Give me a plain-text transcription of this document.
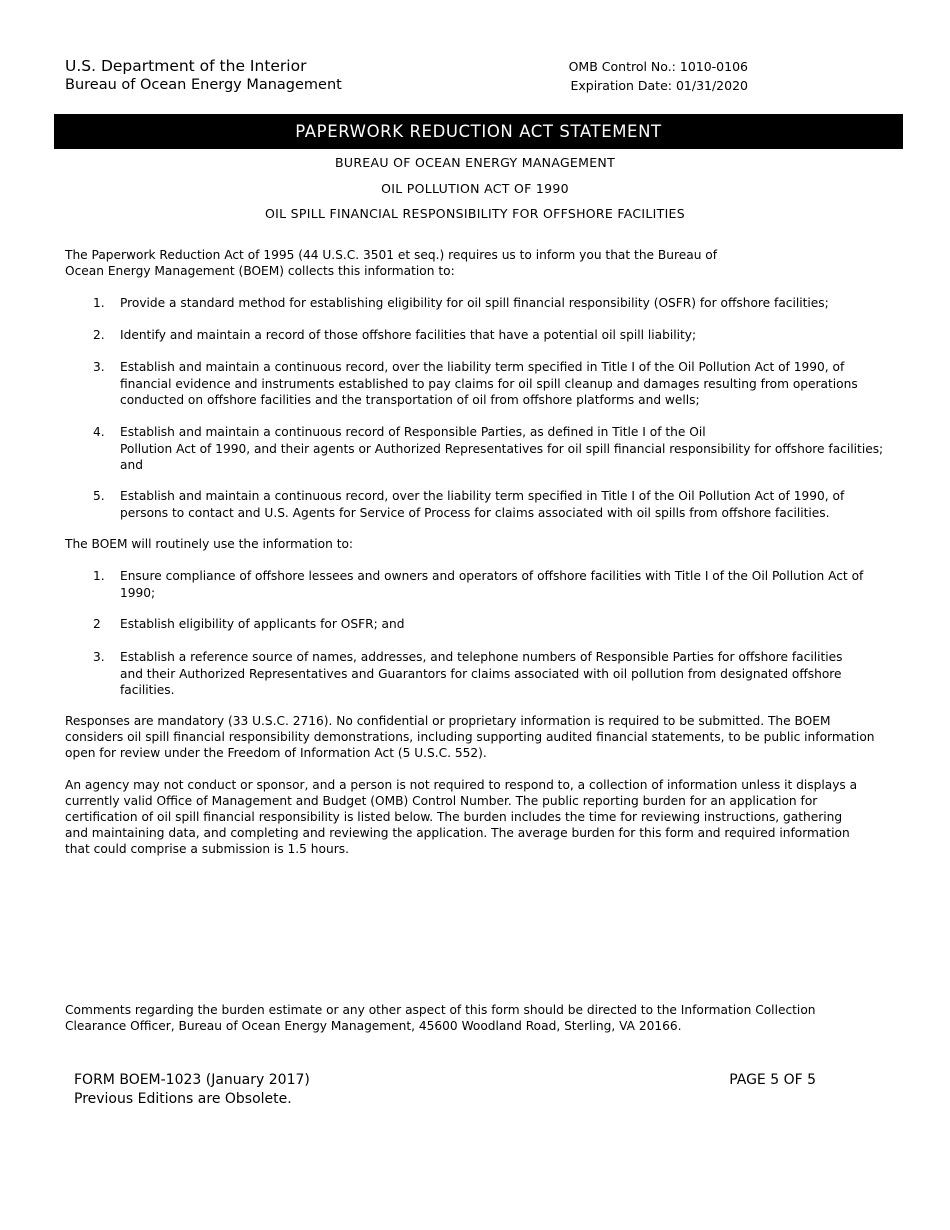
U.S. Department of the Interior
Bureau of Ocean Energy Management
OMB Control No.: 1010-0106
Expiration Date: 01/31/2020
PAPERWORK REDUCTION ACT STATEMENT
BUREAU OF OCEAN ENERGY MANAGEMENT
OIL POLLUTION ACT OF 1990
OIL SPILL FINANCIAL RESPONSIBILITY FOR OFFSHORE FACILITIES
The Paperwork Reduction Act of 1995 (44 U.S.C. 3501 et seq.) requires us to inform you that the Bureau of
Ocean Energy Management (BOEM) collects this information to:
1. Provide a standard method for establishing eligibility for oil spill financial responsibility (OSFR) for offshore facilities;
2. Identify and maintain a record of those offshore facilities that have a potential oil spill liability;
3. Establish and maintain a continuous record, over the liability term specified in Title I of the Oil Pollution Act of 1990, of
financial evidence and instruments established to pay claims for oil spill cleanup and damages resulting from operations
conducted on offshore facilities and the transportation of oil from offshore platforms and wells;
4. Establish and maintain a continuous record of Responsible Parties, as defined in Title I of the Oil
Pollution Act of 1990, and their agents or Authorized Representatives for oil spill financial responsibility for offshore facilities;
and
5. Establish and maintain a continuous record, over the liability term specified in Title I of the Oil Pollution Act of 1990, of
persons to contact and U.S. Agents for Service of Process for claims associated with oil spills from offshore facilities.
The BOEM will routinely use the information to:
1. Ensure compliance of offshore lessees and owners and operators of offshore facilities with Title I of the Oil Pollution Act of
1990;
2 Establish eligibility of applicants for OSFR; and
3. Establish a reference source of names, addresses, and telephone numbers of Responsible Parties for offshore facilities
and their Authorized Representatives and Guarantors for claims associated with oil pollution from designated offshore
facilities.
Responses are mandatory (33 U.S.C. 2716). No confidential or proprietary information is required to be submitted. The BOEM
considers oil spill financial responsibility demonstrations, including supporting audited financial statements, to be public information
open for review under the Freedom of Information Act (5 U.S.C. 552).
An agency may not conduct or sponsor, and a person is not required to respond to, a collection of information unless it displays a
currently valid Office of Management and Budget (OMB) Control Number. The public reporting burden for an application for
certification of oil spill financial responsibility is listed below. The burden includes the time for reviewing instructions, gathering
and maintaining data, and completing and reviewing the application. The average burden for this form and required information
that could comprise a submission is 1.5 hours.
Comments regarding the burden estimate or any other aspect of this form should be directed to the Information Collection
Clearance Officer, Bureau of Ocean Energy Management, 45600 Woodland Road, Sterling, VA 20166.
FORM BOEM-1023 (January 2017)
Previous Editions are Obsolete.
PAGE 5 OF 5
